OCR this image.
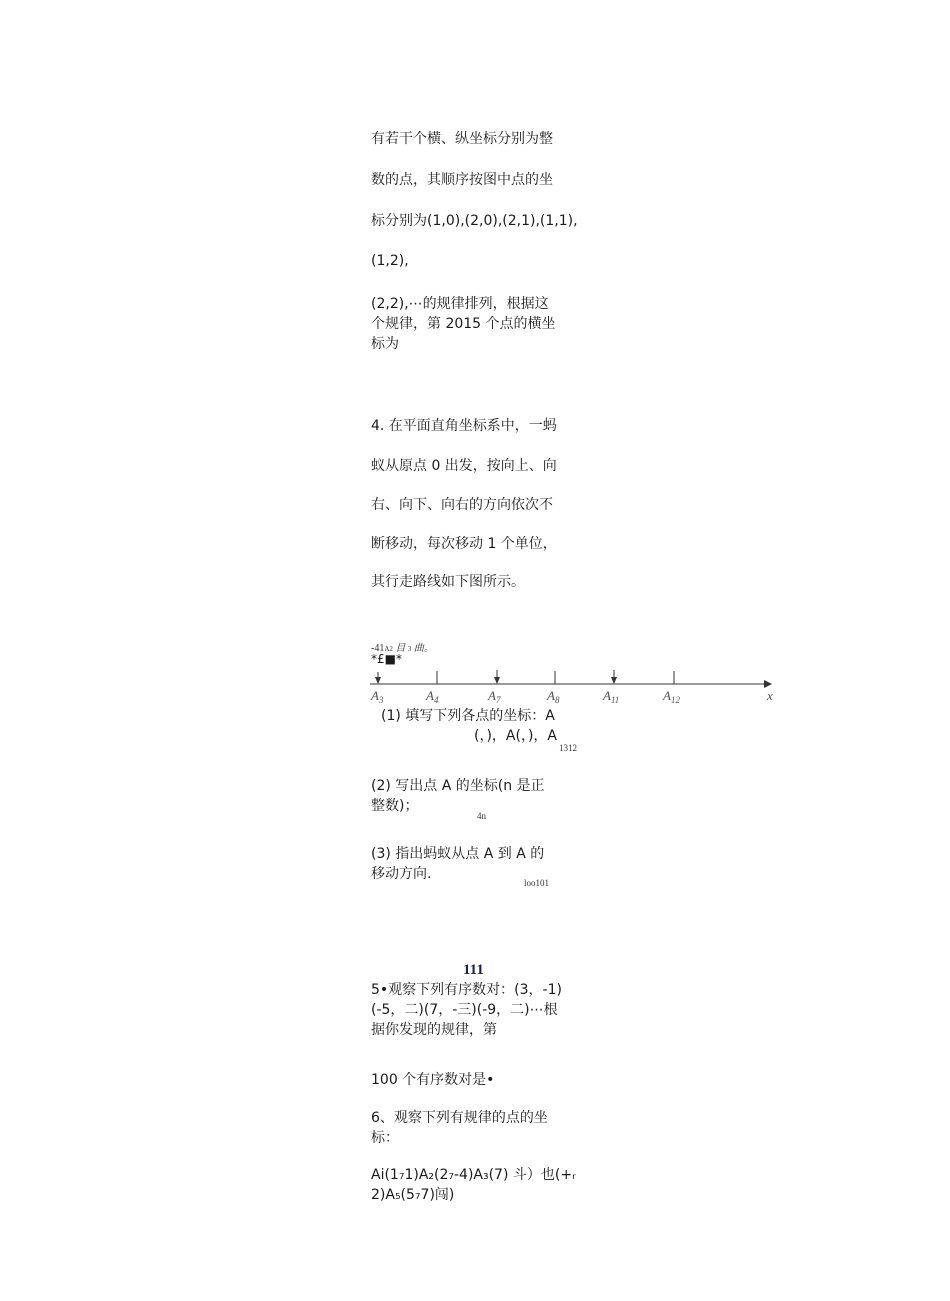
有若干个横、纵坐标分别为整
数的点，其顺序按图中点的坐
标分别为(1,0),(2,0),(2,1),(1,1),
(1,2),
(2,2),⋯的规律排列，根据这
个规律，第 2015 个点的横坐
标为
4. 在平面直角坐标系中，一蚂
蚁从原点 0 出发，按向上、向
右、向下、向右的方向依次不
断移动，每次移动 1 个单位，
其行走路线如下图所示。
-41A2 目 3 曲。
*£■*
$A_3$	$A_4$	$A_7$	$A_8$	$A_{11}$	$A_{12}$	x
(1) 填写下列各点的坐标：A
(，)，A(，)，A
1312
(2) 写出点 A 的坐标(n 是正
整数)；
4n
(3) 指出蚂蚁从点 A 到 A 的
移动方向.
loo101
111
5•观察下列有序数对：(3，-1)
(-5，二)(7，-三)(-9，二)⋯根
据你发现的规律，第
100 个有序数对是•
6、观察下列有规律的点的坐
标：
Ai(1₇1)A₂(2₇-4)A₃(7) 斗）也(+ᵣ
2)A₅(5₇7)闯)
